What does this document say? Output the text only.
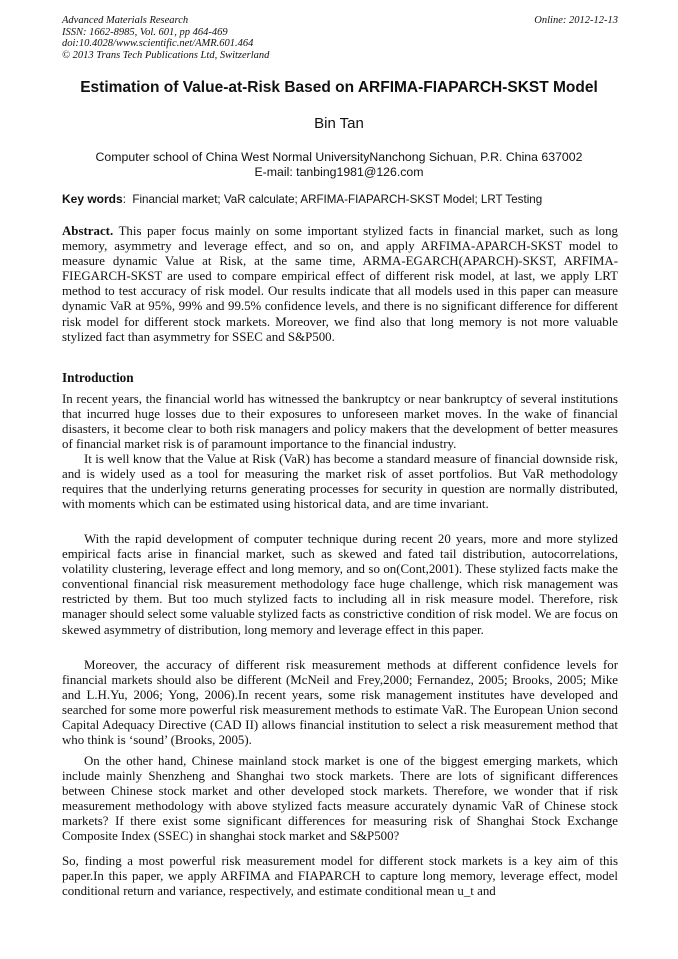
Advanced Materials Research
ISSN: 1662-8985, Vol. 601, pp 464-469
doi:10.4028/www.scientific.net/AMR.601.464
© 2013 Trans Tech Publications Ltd, Switzerland
Online: 2012-12-13
Estimation of Value-at-Risk Based on ARFIMA-FIAPARCH-SKST Model
Bin Tan
Computer school of China West Normal UniversityNanchong Sichuan, P.R. China 637002
E-mail: tanbing1981@126.com
Key words: Financial market; VaR calculate; ARFIMA-FIAPARCH-SKST Model; LRT Testing

Abstract. This paper focus mainly on some important stylized facts in financial market, such as long memory, asymmetry and leverage effect, and so on, and apply ARFIMA-APARCH-SKST model to measure dynamic Value at Risk, at the same time, ARMA-EGARCH(APARCH)-SKST, ARFIMA- FIEGARCH-SKST are used to compare empirical effect of different risk model, at last, we apply LRT method to test accuracy of risk model. Our results indicate that all models used in this paper can measure dynamic VaR at 95%, 99% and 99.5% confidence levels, and there is no significant difference for different risk model for different stock markets. Moreover, we find also that long memory is not more valuable stylized fact than asymmetry for SSEC and S&P500.

Introduction

In recent years, the financial world has witnessed the bankruptcy or near bankruptcy of several institutions that incurred huge losses due to their exposures to unforeseen market moves. In the wake of financial disasters, it become clear to both risk managers and policy makers that the development of better measures of financial market risk is of paramount importance to the financial industry.

It is well know that the Value at Risk (VaR) has become a standard measure of financial downside risk, and is widely used as a tool for measuring the market risk of asset portfolios. But VaR methodology requires that the underlying returns generating processes for security in question are normally distributed, with moments which can be estimated using historical data, and are time invariant.

With the rapid development of computer technique during recent 20 years, more and more stylized empirical facts arise in financial market, such as skewed and fated tail distribution, autocorrelations, volatility clustering, leverage effect and long memory, and so on(Cont,2001). These stylized facts make the conventional financial risk measurement methodology face huge challenge, which risk management was restricted by them. But too much stylized facts to including all in risk measure model. Therefore, risk manager should select some valuable stylized facts as constrictive condition of risk model. We are focus on skewed asymmetry of distribution, long memory and leverage effect in this paper.

Moreover, the accuracy of different risk measurement methods at different confidence levels for financial markets should also be different (McNeil and Frey,2000; Fernandez, 2005; Brooks, 2005; Mike and L.H.Yu, 2006; Yong, 2006).In recent years, some risk management institutes have developed and searched for some more powerful risk measurement methods to estimate VaR. The European Union second Capital Adequacy Directive (CAD II) allows financial institution to select a risk measurement method that who think is ‘sound’ (Brooks, 2005).

On the other hand, Chinese mainland stock market is one of the biggest emerging markets, which include mainly Shenzheng and Shanghai two stock markets. There are lots of significant differences between Chinese stock market and other developed stock markets. Therefore, we wonder that if risk measurement methodology with above stylized facts measure accurately dynamic VaR of Chinese stock markets? If there exist some significant differences for measuring risk of Shanghai Stock Exchange Composite Index (SSEC) in shanghai stock market and S&P500?

So, finding a most powerful risk measurement model for different stock markets is a key aim of this paper.In this paper, we apply ARFIMA and FIAPARCH to capture long memory, leverage effect, model conditional return and variance, respectively, and estimate conditional mean u_t and
